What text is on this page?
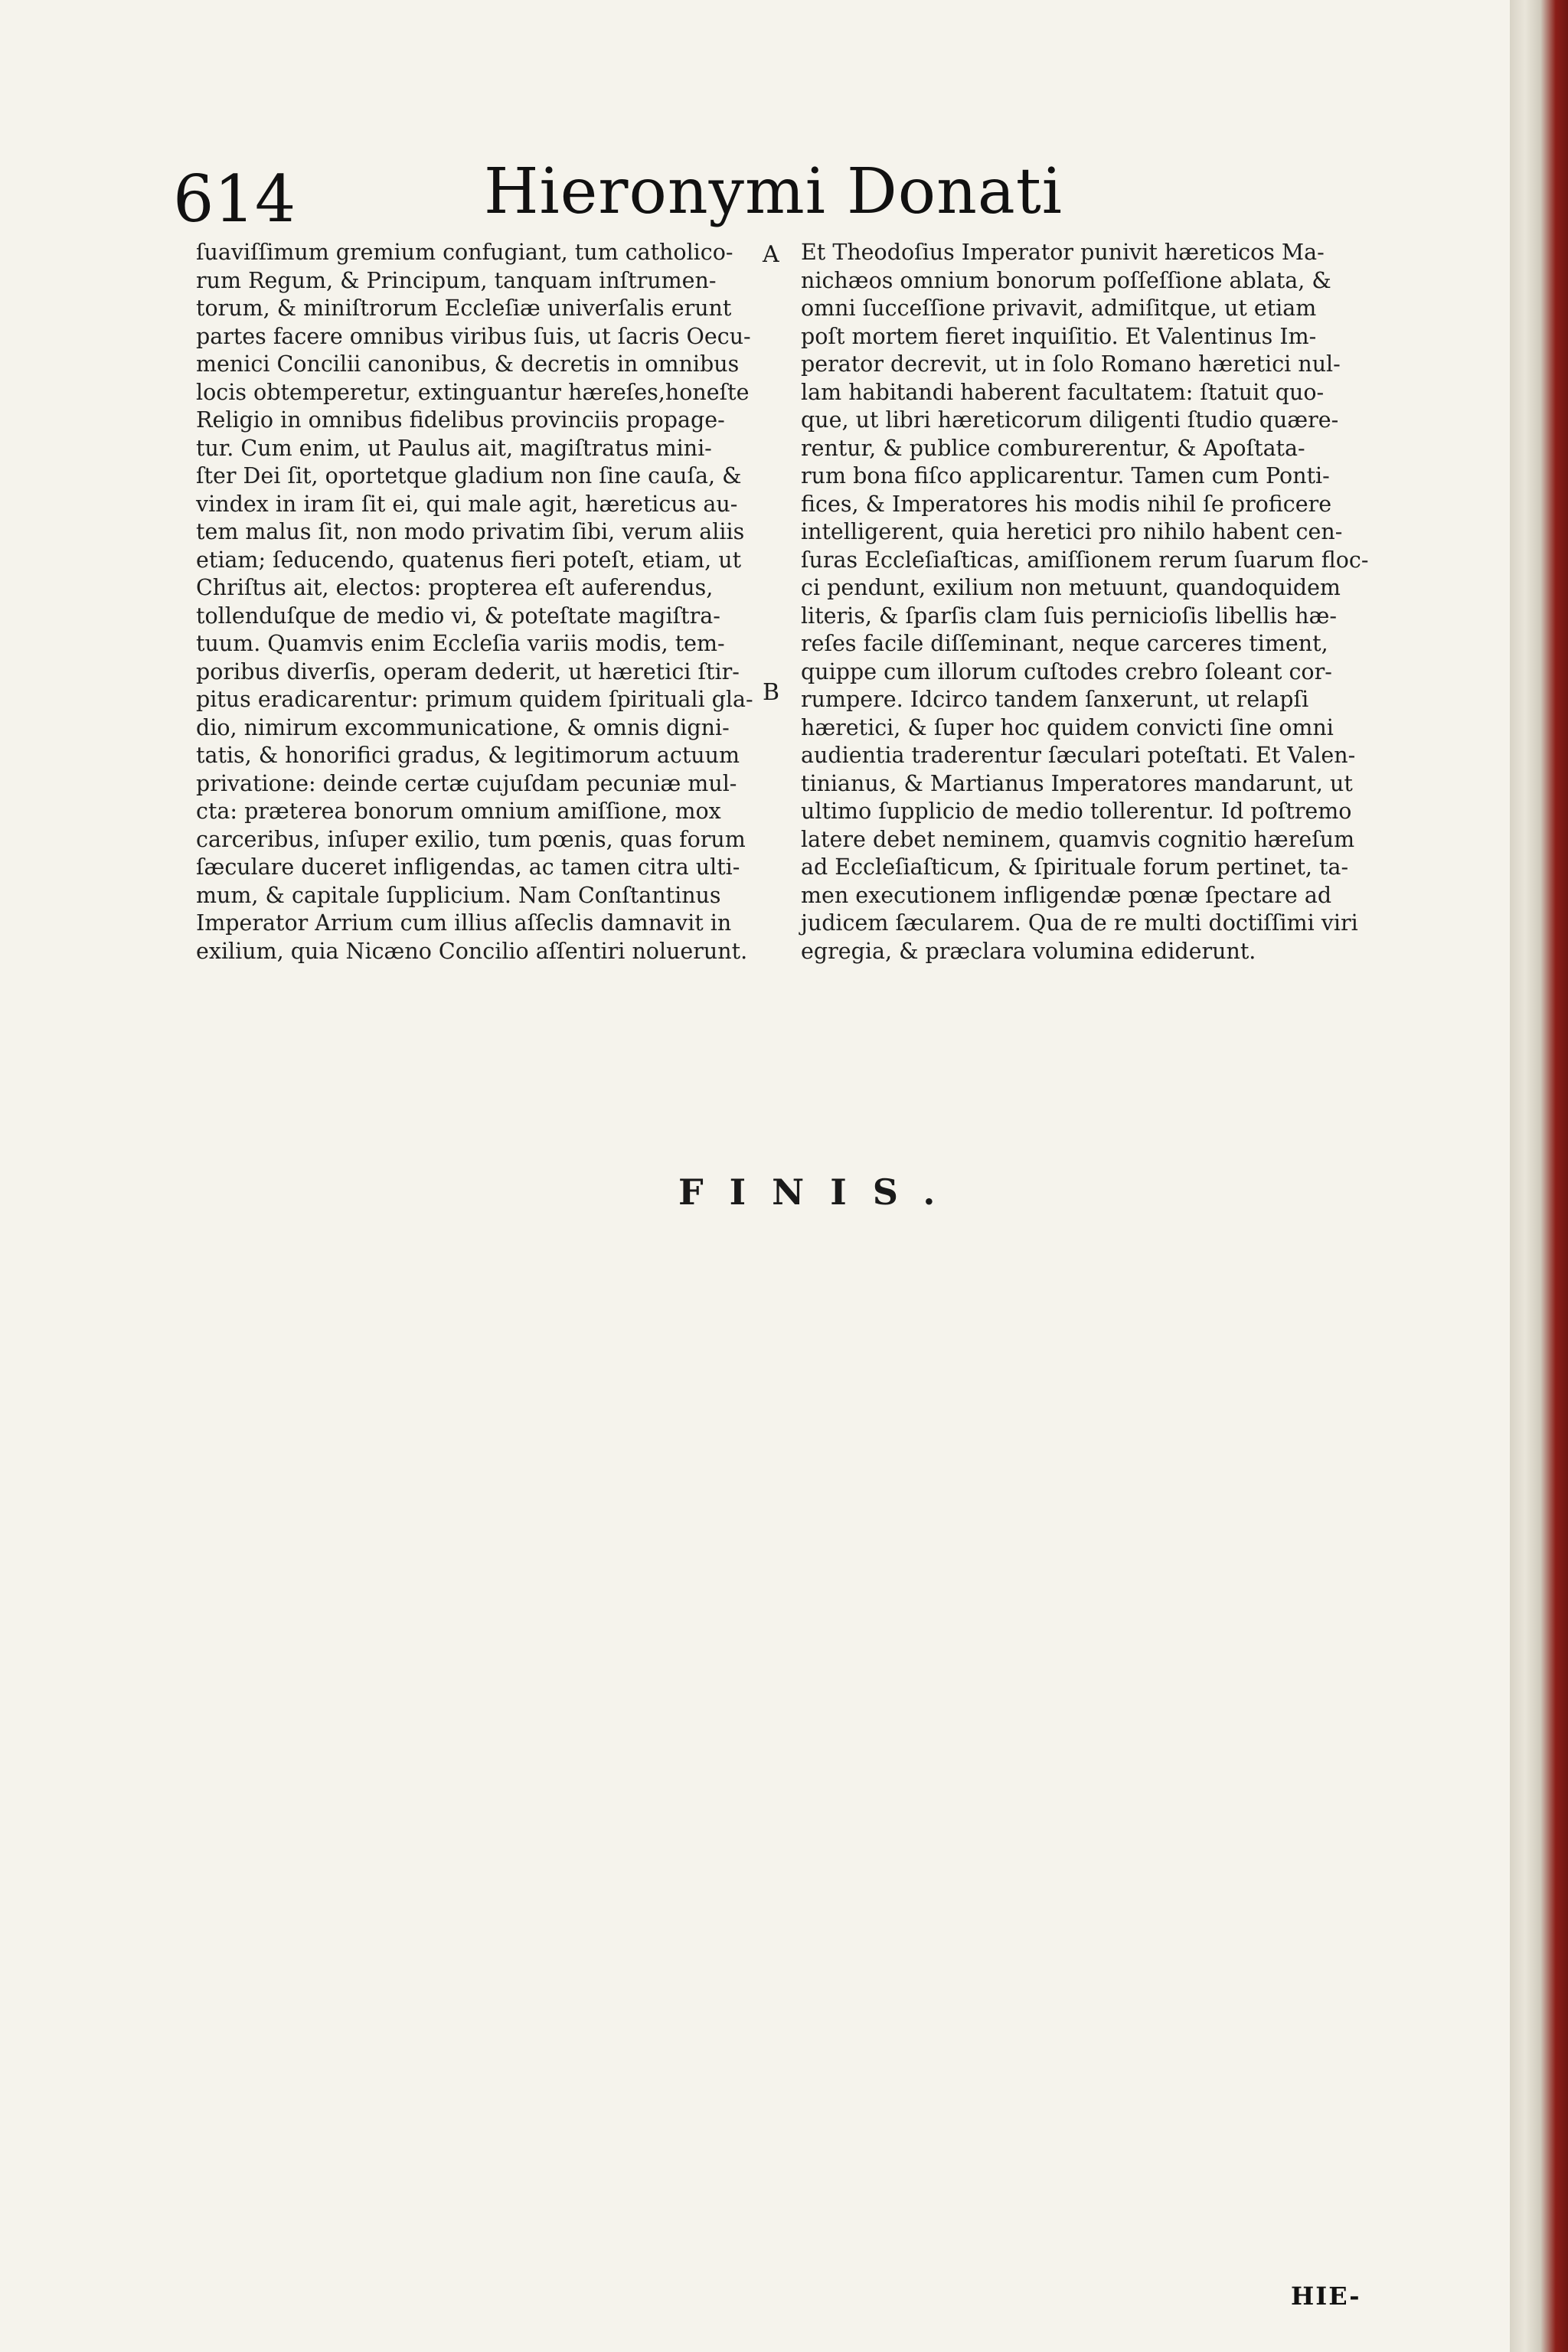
614	Hieronymi Donati
A
B
ſuaviſſimum gremium confugiant, tum catholico-
rum Regum, & Principum, tanquam inſtrumen-
torum, & miniſtrorum Eccleſiæ univerſalis erunt
partes facere omnibus viribus ſuis, ut ſacris Oecu-
menici Concilii canonibus, & decretis in omnibus
locis obtemperetur, extinguantur hæreſes,honeſte
Religio in omnibus fidelibus provinciis propage-
tur. Cum enim, ut Paulus ait, magiſtratus mini-
ſter Dei ſit, oportetque gladium non ſine cauſa, &
vindex in iram ſit ei, qui male agit, hæreticus au-
tem malus ſit, non modo privatim ſibi, verum aliis
etiam; ſeducendo, quatenus fieri poteſt, etiam, ut
Chriſtus ait, electos: propterea eſt auferendus,
tollenduſque de medio vi, & poteſtate magiſtra-
tuum. Quamvis enim Eccleſia variis modis, tem-
poribus diverſis, operam dederit, ut hæretici ſtir-
pitus eradicarentur: primum quidem ſpirituali gla-
dio, nimirum excommunicatione, & omnis digni-
tatis, & honorifici gradus, & legitimorum actuum
privatione: deinde certæ cujuſdam pecuniæ mul-
cta: præterea bonorum omnium amiſſione, mox
carceribus, inſuper exilio, tum pœnis, quas forum
ſæculare duceret infligendas, ac tamen citra ulti-
mum, & capitale ſupplicium. Nam Conſtantinus
Imperator Arrium cum illius aſſeclis damnavit in
exilium, quia Nicæno Concilio aſſentiri noluerunt.
Et Theodoſius Imperator punivit hæreticos Ma-
nichæos omnium bonorum poſſeſſione ablata, &
omni ſucceſſione privavit, admiſitque, ut etiam
poſt mortem fieret inquiſitio. Et Valentinus Im-
perator decrevit, ut in ſolo Romano hæretici nul-
lam habitandi haberent facultatem: ſtatuit quo-
que, ut libri hæreticorum diligenti ſtudio quære-
rentur, & publice comburerentur, & Apoſtata-
rum bona fiſco applicarentur. Tamen cum Ponti-
fices, & Imperatores his modis nihil ſe proficere
intelligerent, quia heretici pro nihilo habent cen-
ſuras Eccleſiaſticas, amiſſionem rerum ſuarum floc-
ci pendunt, exilium non metuunt, quandoquidem
literis, & ſparſis clam ſuis pernicioſis libellis hæ-
reſes facile diſſeminant, neque carceres timent,
quippe cum illorum cuſtodes crebro ſoleant cor-
rumpere. Idcirco tandem ſanxerunt, ut relapſi
hæretici, & ſuper hoc quidem convicti ſine omni
audientia traderentur ſæculari poteſtati. Et Valen-
tinianus, & Martianus Imperatores mandarunt, ut
ultimo ſupplicio de medio tollerentur. Id poſtremo
latere debet neminem, quamvis cognitio hæreſum
ad Eccleſiaſticum, & ſpirituale forum pertinet, ta-
men executionem infligendæ pœnæ ſpectare ad
judicem ſæcularem. Qua de re multi doctiſſimi viri
egregia, & præclara volumina ediderunt.
FINIS.
HIE-
